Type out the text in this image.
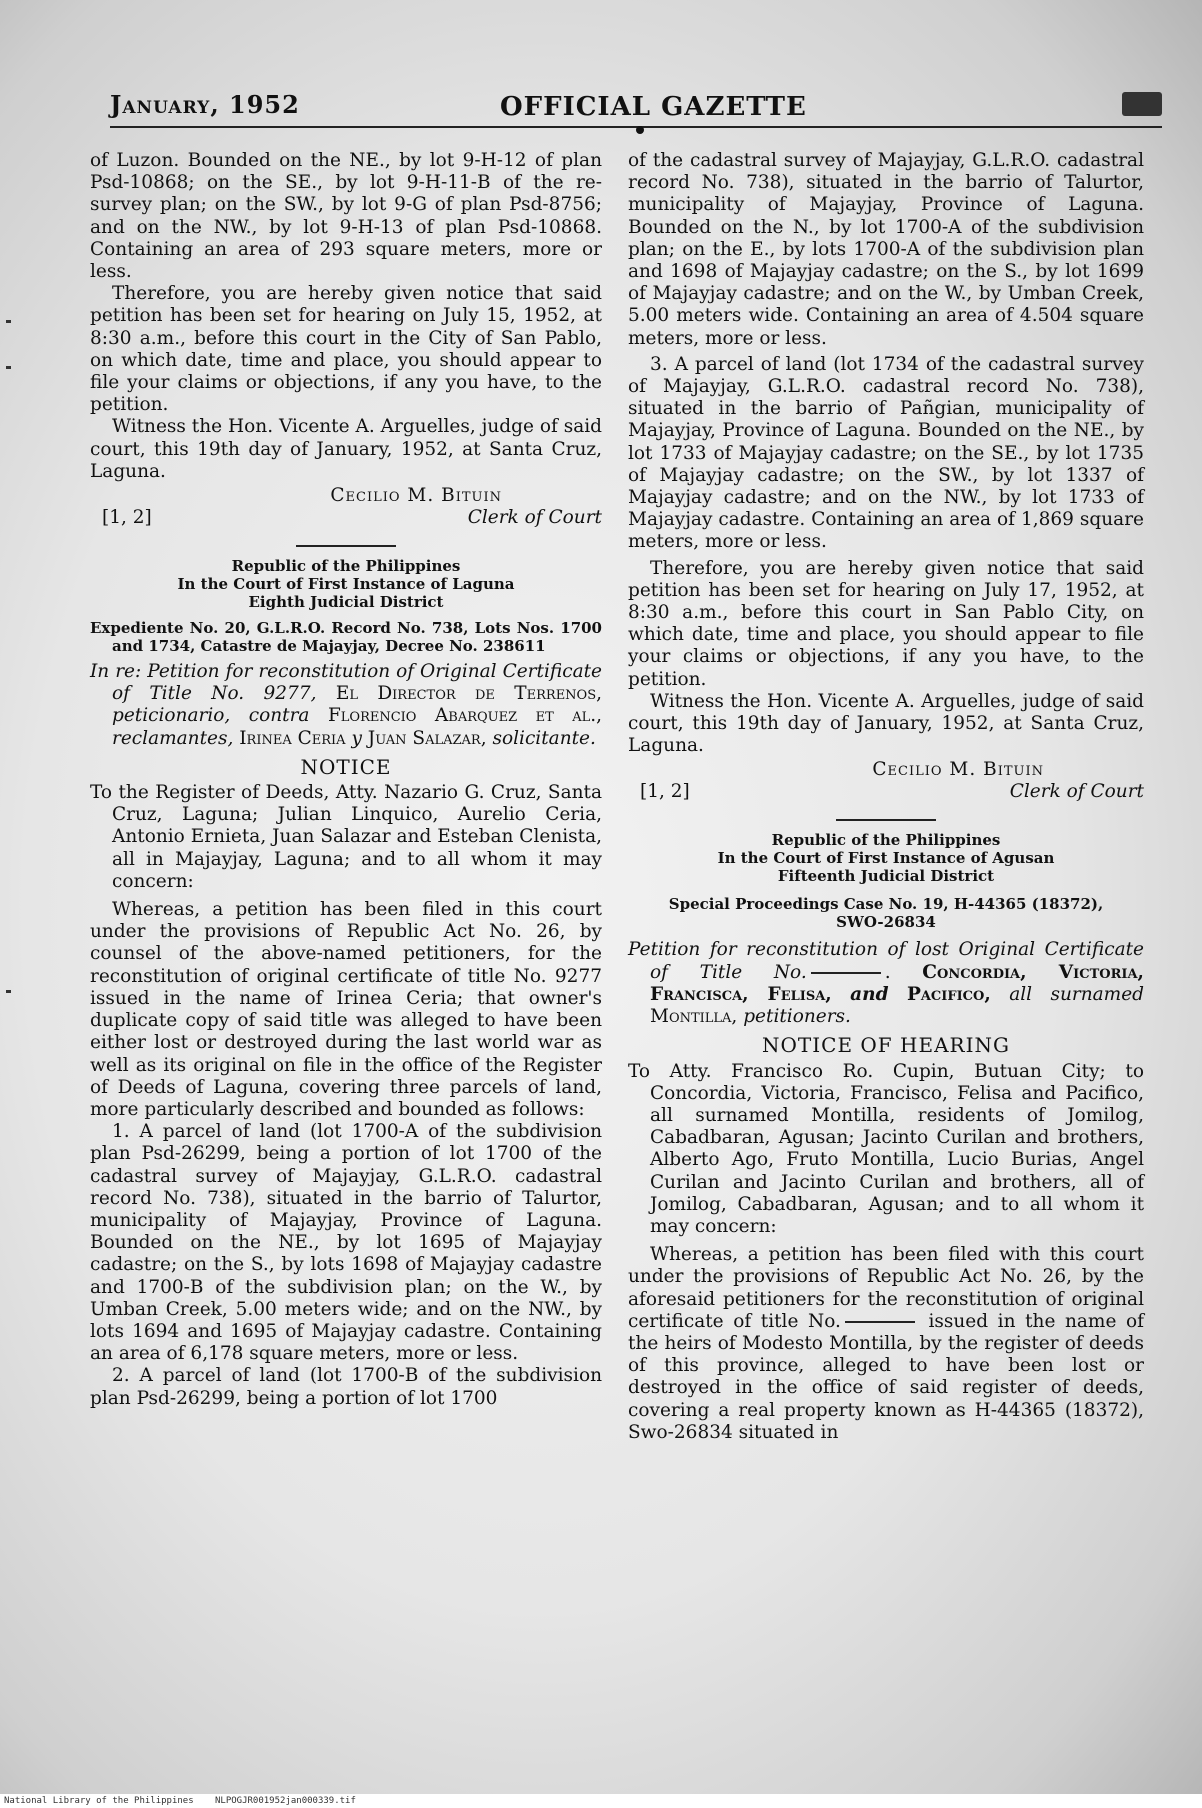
January, 1952	OFFICIAL GAZETTE

of Luzon. Bounded on the NE., by lot 9-H-12 of plan Psd-10868; on the SE., by lot 9-H-11-B of the re-survey plan; on the SW., by lot 9-G of plan Psd-8756; and on the NW., by lot 9-H-13 of plan Psd-10868. Containing an area of 293 square meters, more or less.

Therefore, you are hereby given notice that said petition has been set for hearing on July 15, 1952, at 8:30 a.m., before this court in the City of San Pablo, on which date, time and place, you should appear to file your claims or objections, if any you have, to the petition.

Witness the Hon. Vicente A. Arguelles, judge of said court, this 19th day of January, 1952, at Santa Cruz, Laguna.

[1, 2]
Cecilio M. Bituin
Clerk of Court
Republic of the Philippines
In the Court of First Instance of Laguna
Eighth Judicial District

Expediente No. 20, G.L.R.O. Record No. 738, Lots Nos. 1700 and 1734, Catastre de Majayjay, Decree No. 238611

In re: Petition for reconstitution of Original Certificate of Title No. 9277, El Director de Terrenos, peticionario, contra Florencio Abarquez et al., reclamantes, Irinea Ceria y Juan Salazar, solicitante.

NOTICE

To the Register of Deeds, Atty. Nazario G. Cruz, Santa Cruz, Laguna; Julian Linquico, Aurelio Ceria, Antonio Ernieta, Juan Salazar and Esteban Clenista, all in Majayjay, Laguna; and to all whom it may concern:

Whereas, a petition has been filed in this court under the provisions of Republic Act No. 26, by counsel of the above-named petitioners, for the reconstitution of original certificate of title No. 9277 issued in the name of Irinea Ceria; that owner's duplicate copy of said title was alleged to have been either lost or destroyed during the last world war as well as its original on file in the office of the Register of Deeds of Laguna, covering three parcels of land, more particularly described and bounded as follows:

1. A parcel of land (lot 1700-A of the subdivision plan Psd-26299, being a portion of lot 1700 of the cadastral survey of Majayjay, G.L.R.O. cadastral record No. 738), situated in the barrio of Talurtor, municipality of Majayjay, Province of Laguna. Bounded on the NE., by lot 1695 of Majayjay cadastre; on the S., by lots 1698 of Majayjay cadastre and 1700-B of the subdivision plan; on the W., by Umban Creek, 5.00 meters wide; and on the NW., by lots 1694 and 1695 of Majayjay cadastre. Containing an area of 6,178 square meters, more or less.

2. A parcel of land (lot 1700-B of the subdivision plan Psd-26299, being a portion of lot 1700

of the cadastral survey of Majayjay, G.L.R.O. cadastral record No. 738), situated in the barrio of Talurtor, municipality of Majayjay, Province of Laguna. Bounded on the N., by lot 1700-A of the subdivision plan; on the E., by lots 1700-A of the subdivision plan and 1698 of Majayjay cadastre; on the S., by lot 1699 of Majayjay cadastre; and on the W., by Umban Creek, 5.00 meters wide. Containing an area of 4.504 square meters, more or less.

3. A parcel of land (lot 1734 of the cadastral survey of Majayjay, G.L.R.O. cadastral record No. 738), situated in the barrio of Pañgian, municipality of Majayjay, Province of Laguna. Bounded on the NE., by lot 1733 of Majayjay cadastre; on the SE., by lot 1735 of Majayjay cadastre; on the SW., by lot 1337 of Majayjay cadastre; and on the NW., by lot 1733 of Majayjay cadastre. Containing an area of 1,869 square meters, more or less.

Therefore, you are hereby given notice that said petition has been set for hearing on July 17, 1952, at 8:30 a.m., before this court in San Pablo City, on which date, time and place, you should appear to file your claims or objections, if any you have, to the petition.

Witness the Hon. Vicente A. Arguelles, judge of said court, this 19th day of January, 1952, at Santa Cruz, Laguna.

[1, 2]
Cecilio M. Bituin
Clerk of Court
Republic of the Philippines
In the Court of First Instance of Agusan
Fifteenth Judicial District
Special Proceedings Case No. 19, H-44365 (18372),
SWO-26834

Petition for reconstitution of lost Original Certificate of Title No.	. Concordia, Victoria, Francisca, Felisa, and Pacifico, all surnamed Montilla, petitioners.

NOTICE OF HEARING

To Atty. Francisco Ro. Cupin, Butuan City; to Concordia, Victoria, Francisco, Felisa and Pacifico, all surnamed Montilla, residents of Jomilog, Cabadbaran, Agusan; Jacinto Curilan and brothers, Alberto Ago, Fruto Montilla, Lucio Burias, Angel Curilan and Jacinto Curilan and brothers, all of Jomilog, Cabadbaran, Agusan; and to all whom it may concern:

Whereas, a petition has been filed with this court under the provisions of Republic Act No. 26, by the aforesaid petitioners for the reconstitution of original certificate of title No.	issued in the name of the heirs of Modesto Montilla, by the register of deeds of this province, alleged to have been lost or destroyed in the office of said register of deeds, covering a real property known as H-44365 (18372), Swo-26834 situated in

National Library of the Philippines NLPOGJR001952jan000339.tif
